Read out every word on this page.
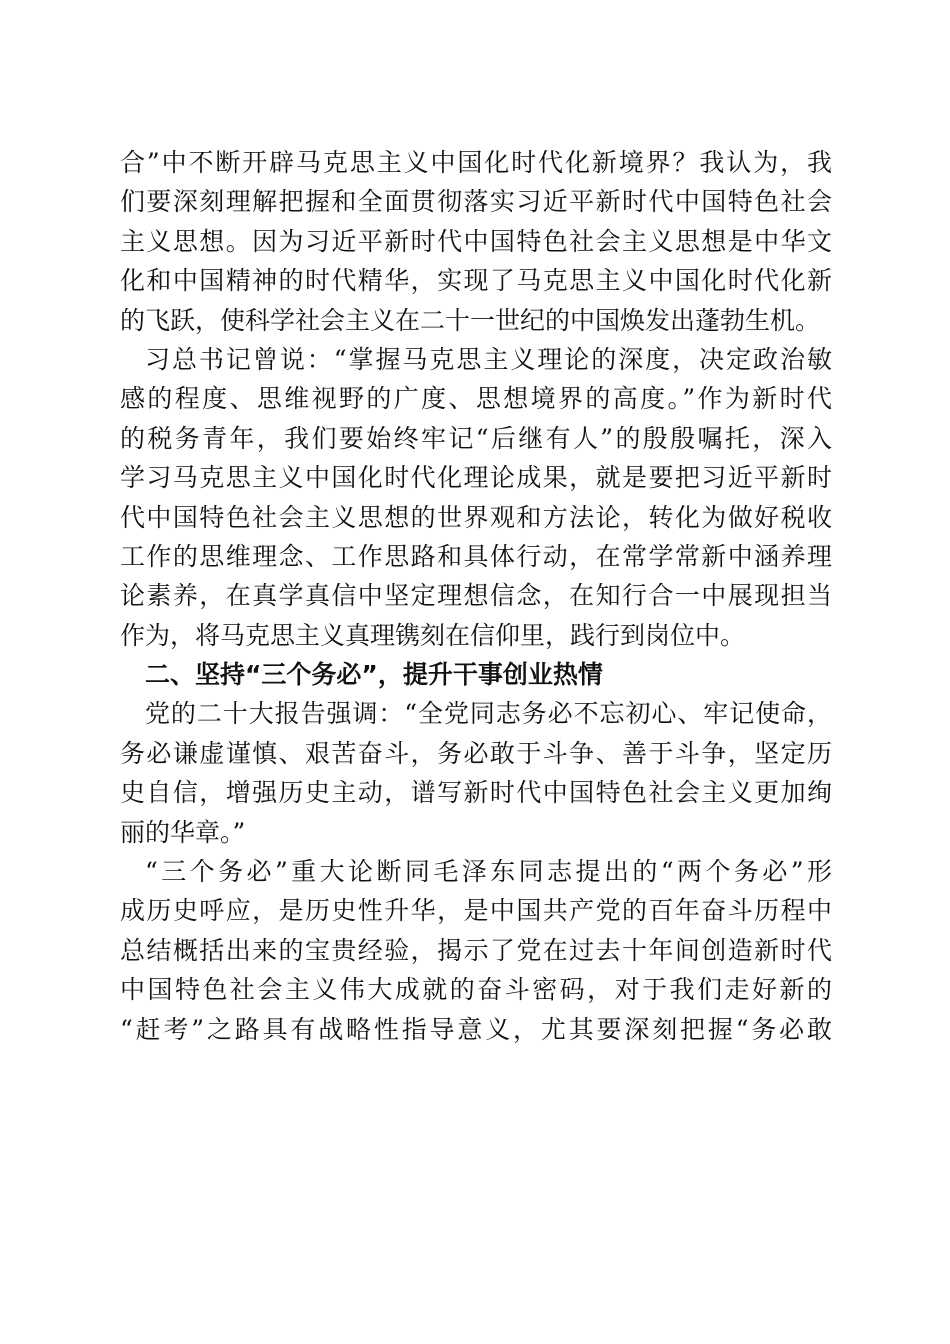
合”中不断开辟马克思主义中国化时代化新境界？我认为，我
们要深刻理解把握和全面贯彻落实习近平新时代中国特色社会
主义思想。因为习近平新时代中国特色社会主义思想是中华文
化和中国精神的时代精华，实现了马克思主义中国化时代化新
的飞跃，使科学社会主义在二十一世纪的中国焕发出蓬勃生机。
习总书记曾说：“掌握马克思主义理论的深度，决定政治敏
感的程度、思维视野的广度、思想境界的高度。”作为新时代
的税务青年，我们要始终牢记“后继有人”的殷殷嘱托，深入
学习马克思主义中国化时代化理论成果，就是要把习近平新时
代中国特色社会主义思想的世界观和方法论，转化为做好税收
工作的思维理念、工作思路和具体行动，在常学常新中涵养理
论素养，在真学真信中坚定理想信念，在知行合一中展现担当
作为，将马克思主义真理镌刻在信仰里，践行到岗位中。
二、坚持“三个务必”，提升干事创业热情
党的二十大报告强调：“全党同志务必不忘初心、牢记使命，
务必谦虚谨慎、艰苦奋斗，务必敢于斗争、善于斗争，坚定历
史自信，增强历史主动，谱写新时代中国特色社会主义更加绚
丽的华章。”
“三个务必”重大论断同毛泽东同志提出的“两个务必”形
成历史呼应，是历史性升华，是中国共产党的百年奋斗历程中
总结概括出来的宝贵经验，揭示了党在过去十年间创造新时代
中国特色社会主义伟大成就的奋斗密码，对于我们走好新的
“赶考”之路具有战略性指导意义，尤其要深刻把握“务必敢
